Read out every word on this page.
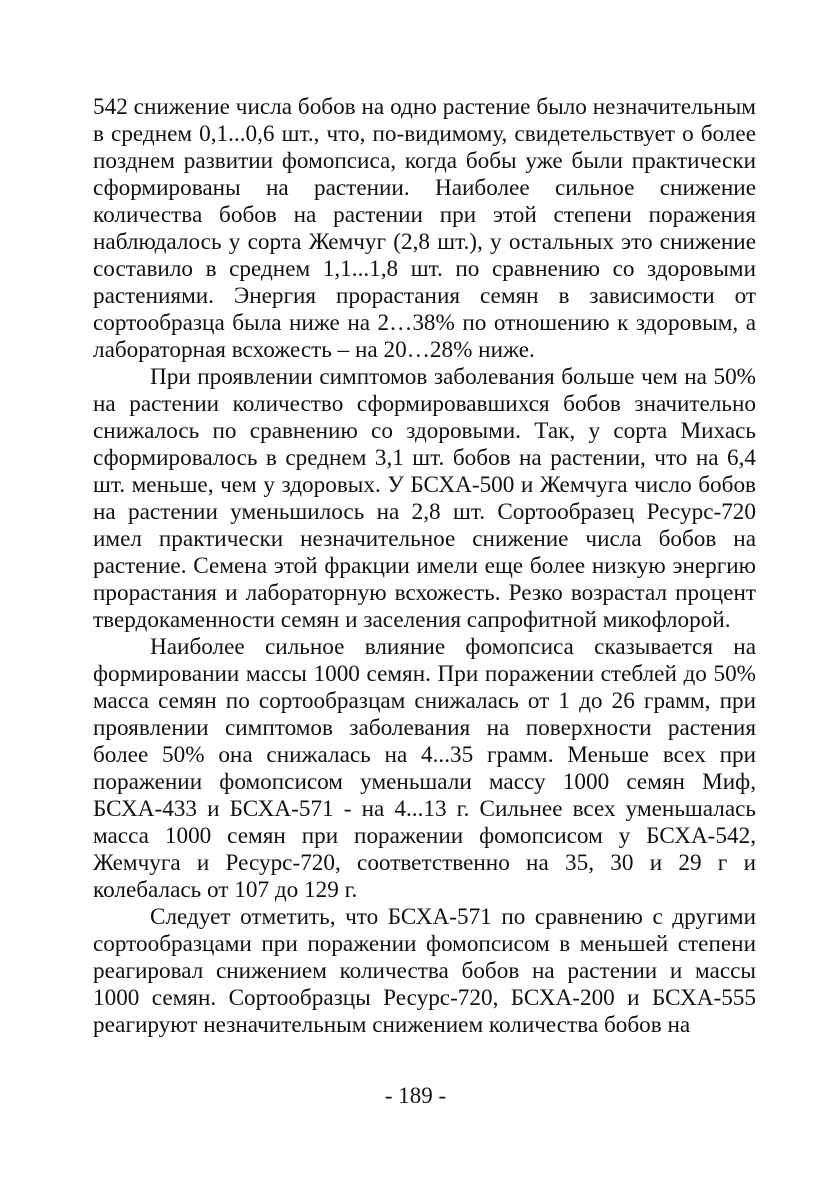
542 снижение числа бобов на одно растение было незначительным в среднем 0,1...0,6 шт., что, по-видимому, свидетельствует о более позднем развитии фомопсиса, когда бобы уже были практически сформированы на растении. Наиболее сильное снижение количества бобов на растении при этой степени поражения наблюдалось у сорта Жемчуг (2,8 шт.), у остальных это снижение составило в среднем 1,1...1,8 шт. по сравнению со здоровыми растениями. Энергия прорастания семян в зависимости от сортообразца была ниже на 2…38% по отношению к здоровым, а лабораторная всхожесть – на 20…28% ниже.

При проявлении симптомов заболевания больше чем на 50% на растении количество сформировавшихся бобов значительно снижалось по сравнению со здоровыми. Так, у сорта Михась сформировалось в среднем 3,1 шт. бобов на растении, что на 6,4 шт. меньше, чем у здоровых. У БСХА-500 и Жемчуга число бобов на растении уменьшилось на 2,8 шт. Сортообразец Ресурс-720 имел практически незначительное снижение числа бобов на растение. Семена этой фракции имели еще более низкую энергию прорастания и лабораторную всхожесть. Резко возрастал процент твердокаменности семян и заселения сапрофитной микофлорой.

Наиболее сильное влияние фомопсиса сказывается на формировании массы 1000 семян. При поражении стеблей до 50% масса семян по сортообразцам снижалась от 1 до 26 грамм, при проявлении симптомов заболевания на поверхности растения более 50% она снижалась на 4...35 грамм. Меньше всех при поражении фомопсисом уменьшали массу 1000 семян Миф, БСХА-433 и БСХА-571 - на 4...13 г. Сильнее всех уменьшалась масса 1000 семян при поражении фомопсисом у БСХА-542, Жемчуга и Ресурс-720, соответственно на 35, 30 и 29 г и колебалась от 107 до 129 г.

Следует отметить, что БСХА-571 по сравнению с другими сортообразцами при поражении фомопсисом в меньшей степени реагировал снижением количества бобов на растении и массы 1000 семян. Сортообразцы Ресурс-720, БСХА-200 и БСХА-555 реагируют незначительным снижением количества бобов на

- 189 -
